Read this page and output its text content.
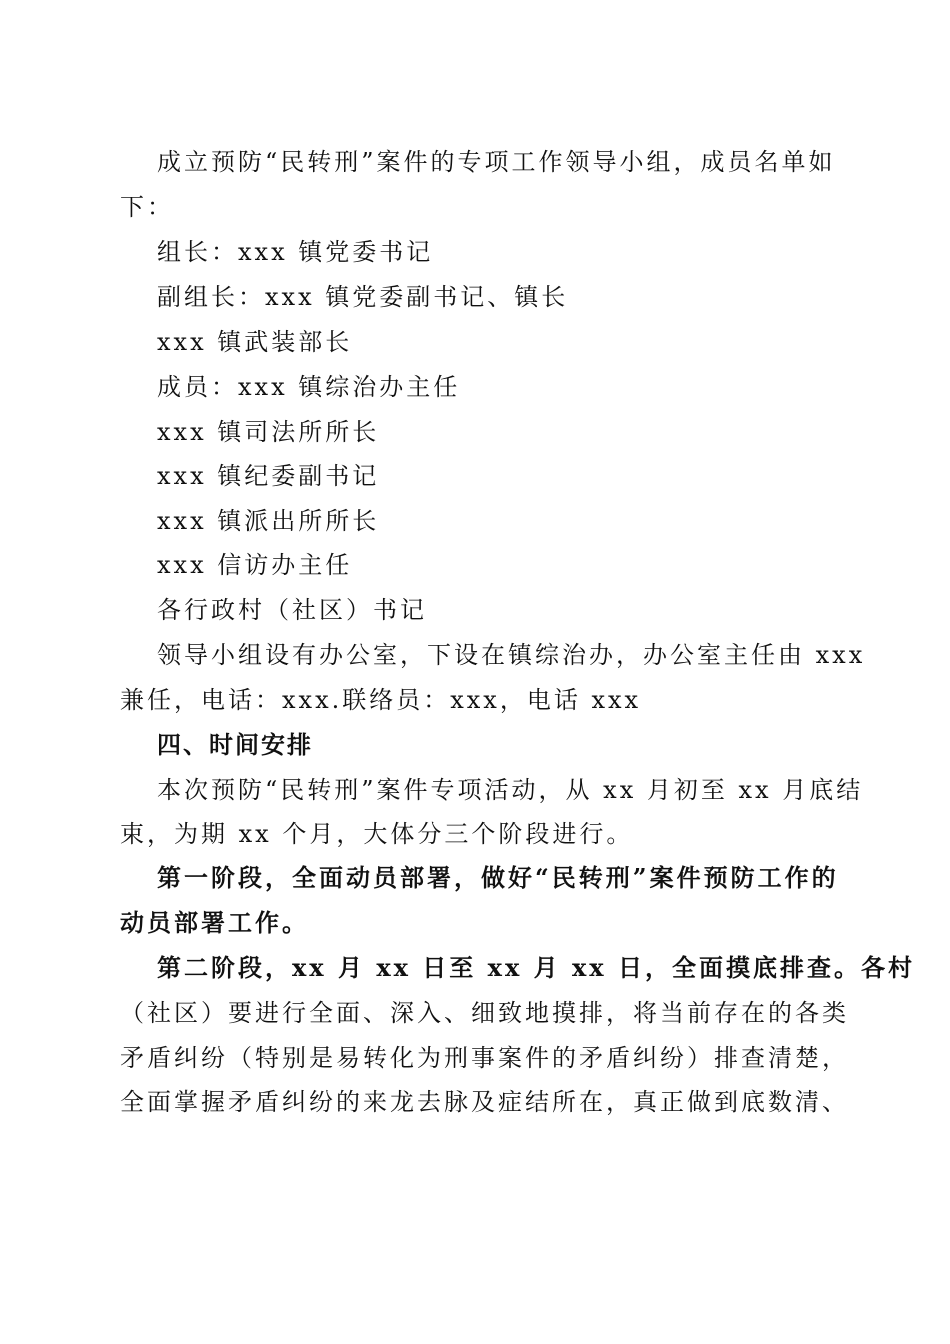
成立预防“民转刑”案件的专项工作领导小组，成员名单如
下：
组长：xxx 镇党委书记
副组长：xxx 镇党委副书记、镇长
xxx 镇武装部长
成员：xxx 镇综治办主任
xxx 镇司法所所长
xxx 镇纪委副书记
xxx 镇派出所所长
xxx 信访办主任
各行政村（社区）书记
领导小组设有办公室，下设在镇综治办，办公室主任由 xxx
兼任，电话：xxx.联络员：xxx，电话 xxx
四、时间安排
本次预防“民转刑”案件专项活动，从 xx 月初至 xx 月底结
束，为期 xx 个月，大体分三个阶段进行。
第一阶段，全面动员部署，做好“民转刑”案件预防工作的
动员部署工作。
第二阶段，xx 月 xx 日至 xx 月 xx 日，全面摸底排查。各村
（社区）要进行全面、深入、细致地摸排，将当前存在的各类
矛盾纠纷（特别是易转化为刑事案件的矛盾纠纷）排查清楚，
全面掌握矛盾纠纷的来龙去脉及症结所在，真正做到底数清、
